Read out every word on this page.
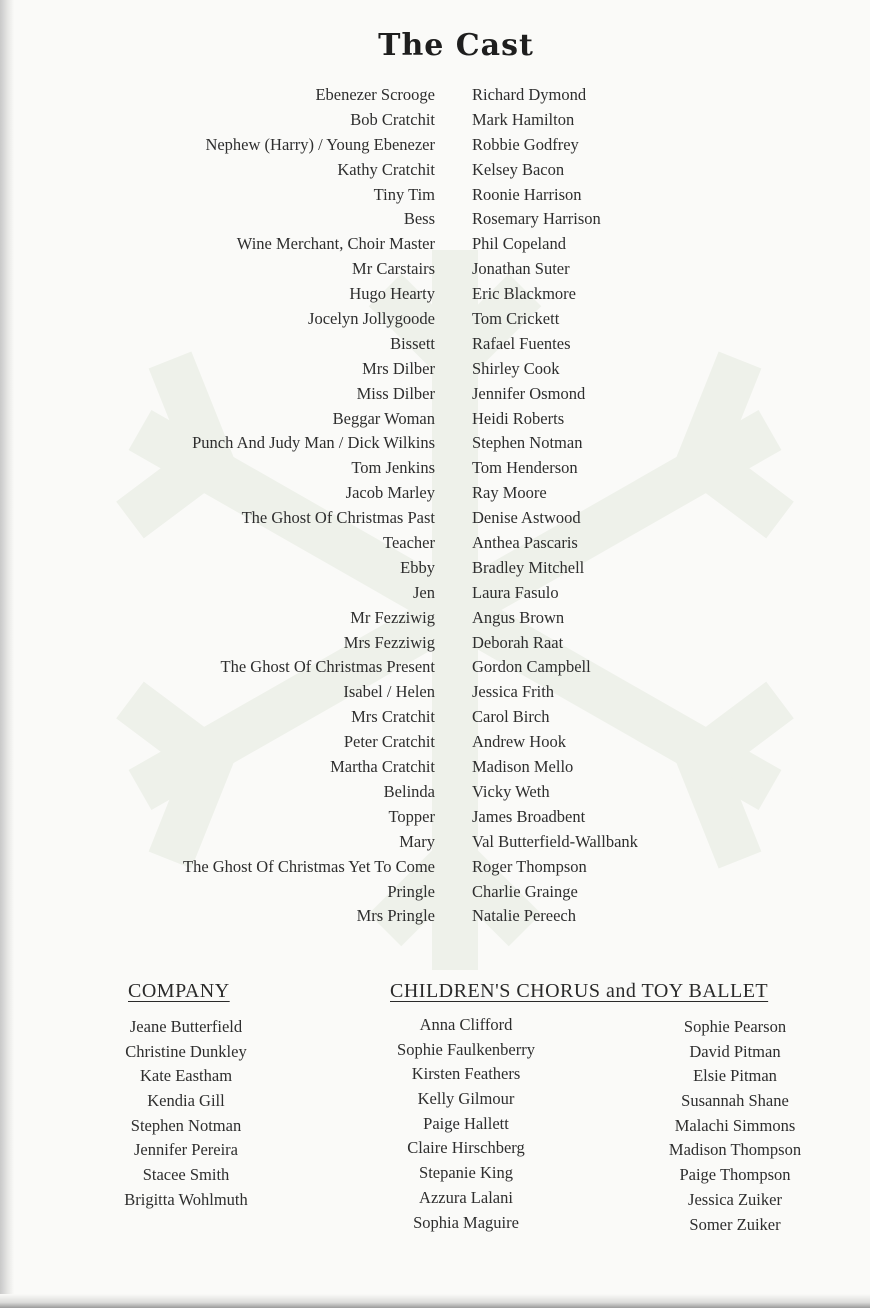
The Cast
Ebenezer Scrooge Richard Dymond
Bob Cratchit Mark Hamilton
Nephew (Harry) / Young Ebenezer Robbie Godfrey
Kathy Cratchit Kelsey Bacon
Tiny Tim Roonie Harrison
Bess Rosemary Harrison
Wine Merchant, Choir Master Phil Copeland
Mr Carstairs Jonathan Suter
Hugo Hearty Eric Blackmore
Jocelyn Jollygoode Tom Crickett
Bissett Rafael Fuentes
Mrs Dilber Shirley Cook
Miss Dilber Jennifer Osmond
Beggar Woman Heidi Roberts
Punch And Judy Man / Dick Wilkins Stephen Notman
Tom Jenkins Tom Henderson
Jacob Marley Ray Moore
The Ghost Of Christmas Past Denise Astwood
Teacher Anthea Pascaris
Ebby Bradley Mitchell
Jen Laura Fasulo
Mr Fezziwig Angus Brown
Mrs Fezziwig Deborah Raat
The Ghost Of Christmas Present Gordon Campbell
Isabel / Helen Jessica Frith
Mrs Cratchit Carol Birch
Peter Cratchit Andrew Hook
Martha Cratchit Madison Mello
Belinda Vicky Weth
Topper James Broadbent
Mary Val Butterfield-Wallbank
The Ghost Of Christmas Yet To Come Roger Thompson
Pringle Charlie Grainge
Mrs Pringle Natalie Pereech
COMPANY
Jeane Butterfield
Christine Dunkley
Kate Eastham
Kendia Gill
Stephen Notman
Jennifer Pereira
Stacee Smith
Brigitta Wohlmuth
CHILDREN'S CHORUS and TOY BALLET
Anna Clifford
Sophie Faulkenberry
Kirsten Feathers
Kelly Gilmour
Paige Hallett
Claire Hirschberg
Stepanie King
Azzura Lalani
Sophia Maguire
Sophie Pearson
David Pitman
Elsie Pitman
Susannah Shane
Malachi Simmons
Madison Thompson
Paige Thompson
Jessica Zuiker
Somer Zuiker
